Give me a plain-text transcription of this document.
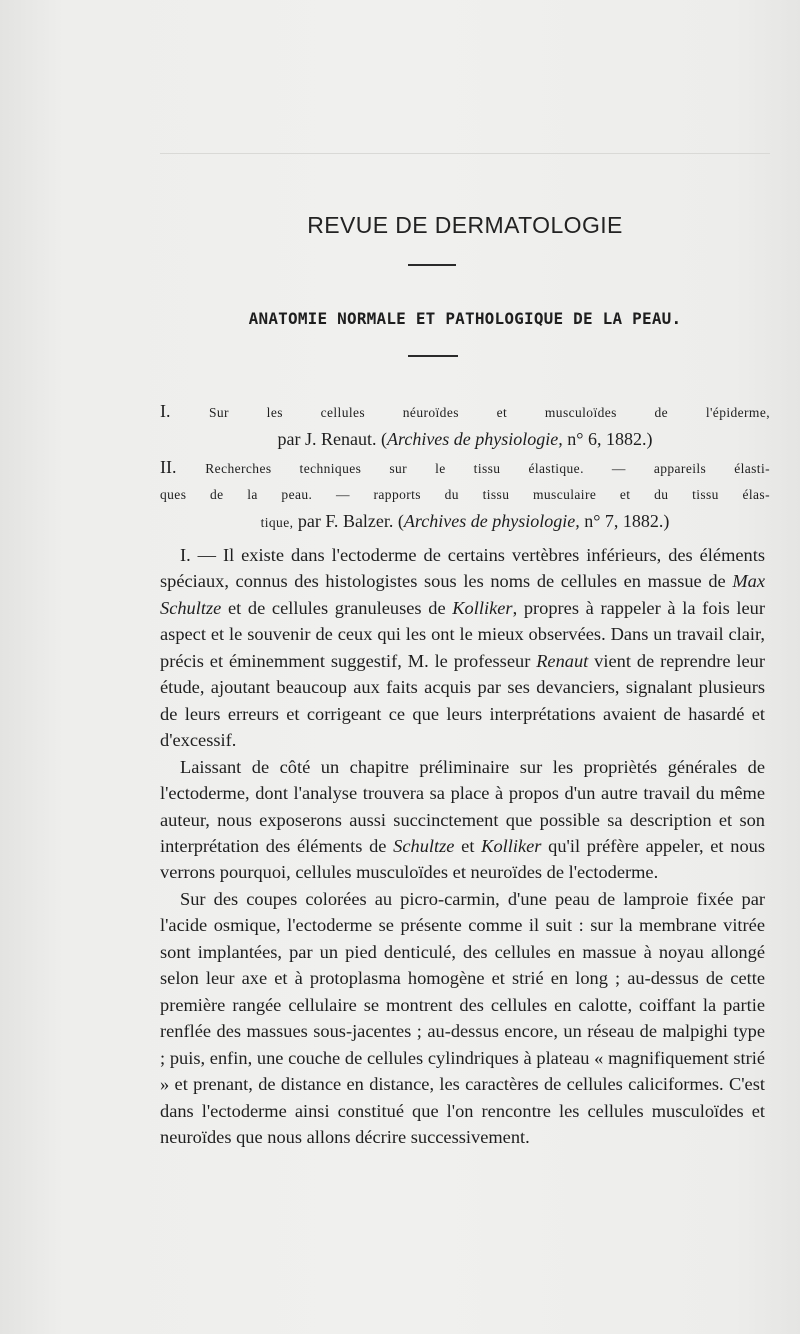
REVUE DE DERMATOLOGIE
ANATOMIE NORMALE ET PATHOLOGIQUE DE LA PEAU.
I.	Sur les cellules néuroïdes et musculoïdes de l'épiderme,
par J. Renaut. (Archives de physiologie, n° 6, 1882.)
II. Recherches techniques sur le tissu élastique. — appareils élasti-
ques de la peau. — rapports du tissu musculaire et du tissu élas-
tique, par F. Balzer. (Archives de physiologie, n° 7, 1882.)

I. — Il existe dans l'ectoderme de certains vertèbres inférieurs, des éléments spéciaux, connus des histologistes sous les noms de cellules en massue de Max Schultze et de cellules granuleuses de Kolliker, propres à rappeler à la fois leur aspect et le souvenir de ceux qui les ont le mieux observées. Dans un travail clair, précis et éminemment suggestif, M. le professeur Renaut vient de reprendre leur étude, ajoutant beaucoup aux faits acquis par ses devanciers, signalant plusieurs de leurs erreurs et corrigeant ce que leurs interprétations avaient de hasardé et d'excessif.

Laissant de côté un chapitre préliminaire sur les propriètés générales de l'ectoderme, dont l'analyse trouvera sa place à propos d'un autre travail du même auteur, nous exposerons aussi succinctement que possible sa description et son interprétation des éléments de Schultze et Kolliker qu'il préfère appeler, et nous verrons pourquoi, cellules musculoïdes et neuroïdes de l'ectoderme.

Sur des coupes colorées au picro-carmin, d'une peau de lamproie fixée par l'acide osmique, l'ectoderme se présente comme il suit : sur la membrane vitrée sont implantées, par un pied denticulé, des cellules en massue à noyau allongé selon leur axe et à protoplasma homogène et strié en long ; au-dessus de cette première rangée cellulaire se montrent des cellules en calotte, coiffant la partie renflée des massues sous-jacentes ; au-dessus encore, un réseau de malpighi type ; puis, enfin, une couche de cellules cylindriques à plateau « magnifiquement strié » et prenant, de distance en distance, les caractères de cellules caliciformes. C'est dans l'ectoderme ainsi constitué que l'on rencontre les cellules musculoïdes et neuroïdes que nous allons décrire successivement.
